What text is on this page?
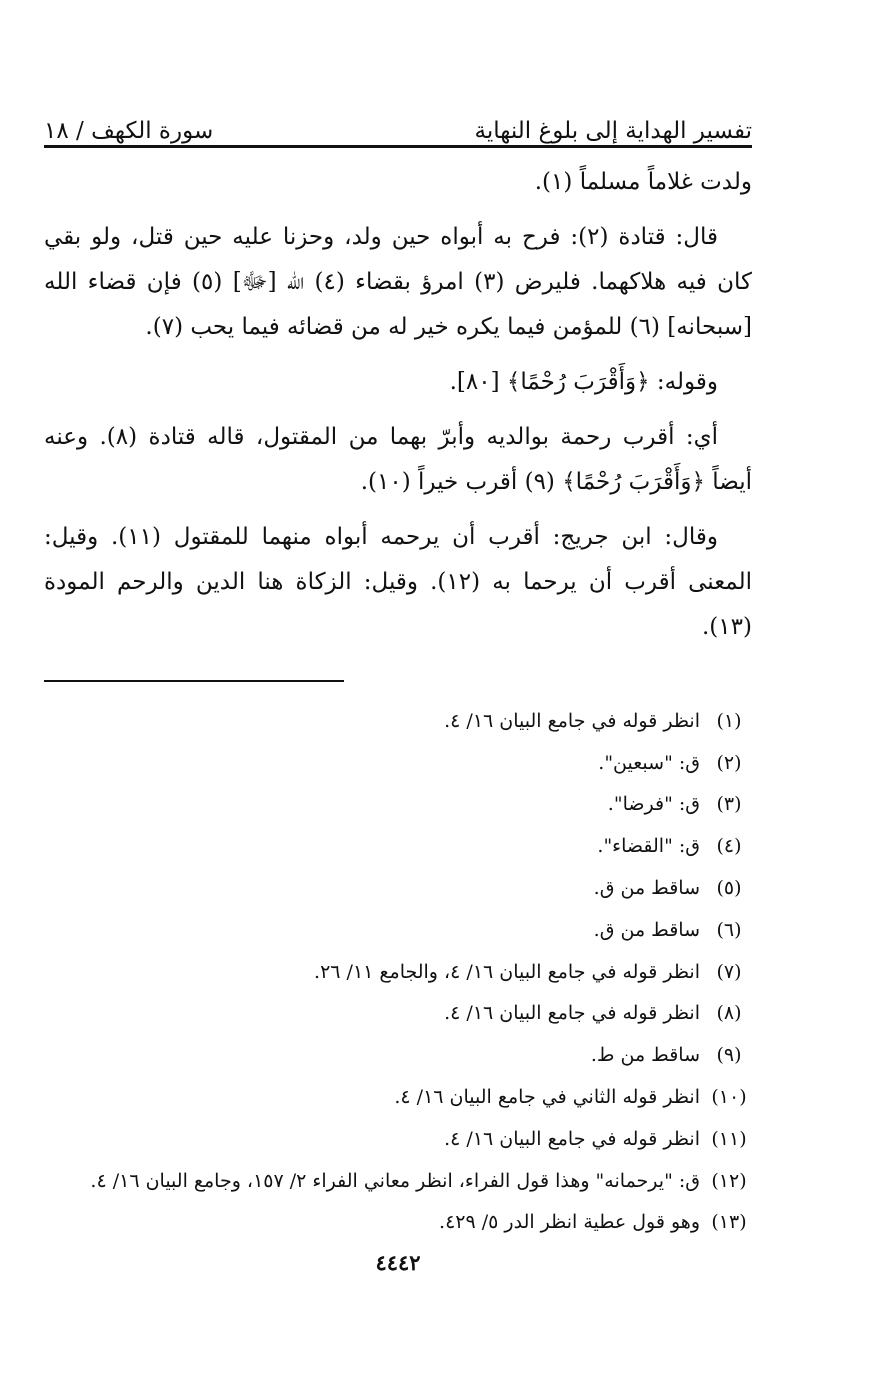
تفسير الهداية إلى بلوغ النهاية
سورة الكهف / ١٨

ولدت غلاماً مسلماً (١).

قال: قتادة (٢): فرح به أبواه حين ولد، وحزنا عليه حين قتل، ولو بقي كان فيه هلاكهما. فليرض (٣) امرؤ بقضاء (٤) الله [ﷻ] (٥) فإن قضاء الله [سبحانه] (٦) للمؤمن فيما يكره خير له من قضائه فيما يحب (٧).

وقوله: ﴿وَأَقْرَبَ رُحْمًا﴾ [٨٠].

أي: أقرب رحمة بوالديه وأبرّ بهما من المقتول، قاله قتادة (٨). وعنه أيضاً ﴿وَأَقْرَبَ رُحْمًا﴾ (٩) أقرب خيراً (١٠).

وقال: ابن جريج: أقرب أن يرحمه أبواه منهما للمقتول (١١). وقيل: المعنى أقرب أن يرحما به (١٢). وقيل: الزكاة هنا الدين والرحم المودة (١٣).

(١)
انظر قوله في جامع البيان ١٦/ ٤.
(٢)
ق: "سبعين".
(٣)
ق: "فرضا".
(٤)
ق: "القضاء".
(٥)
ساقط من ق.
(٦)
ساقط من ق.
(٧)
انظر قوله في جامع البيان ١٦/ ٤، والجامع ١١/ ٢٦.
(٨)
انظر قوله في جامع البيان ١٦/ ٤.
(٩)
ساقط من ط.
(١٠)
انظر قوله الثاني في جامع البيان ١٦/ ٤.
(١١)
انظر قوله في جامع البيان ١٦/ ٤.
(١٢)
ق: "يرحمانه" وهذا قول الفراء، انظر معاني الفراء ٢/ ١٥٧، وجامع البيان ١٦/ ٤.
(١٣)
وهو قول عطية انظر الدر ٥/ ٤٢٩.
٤٤٤٢
